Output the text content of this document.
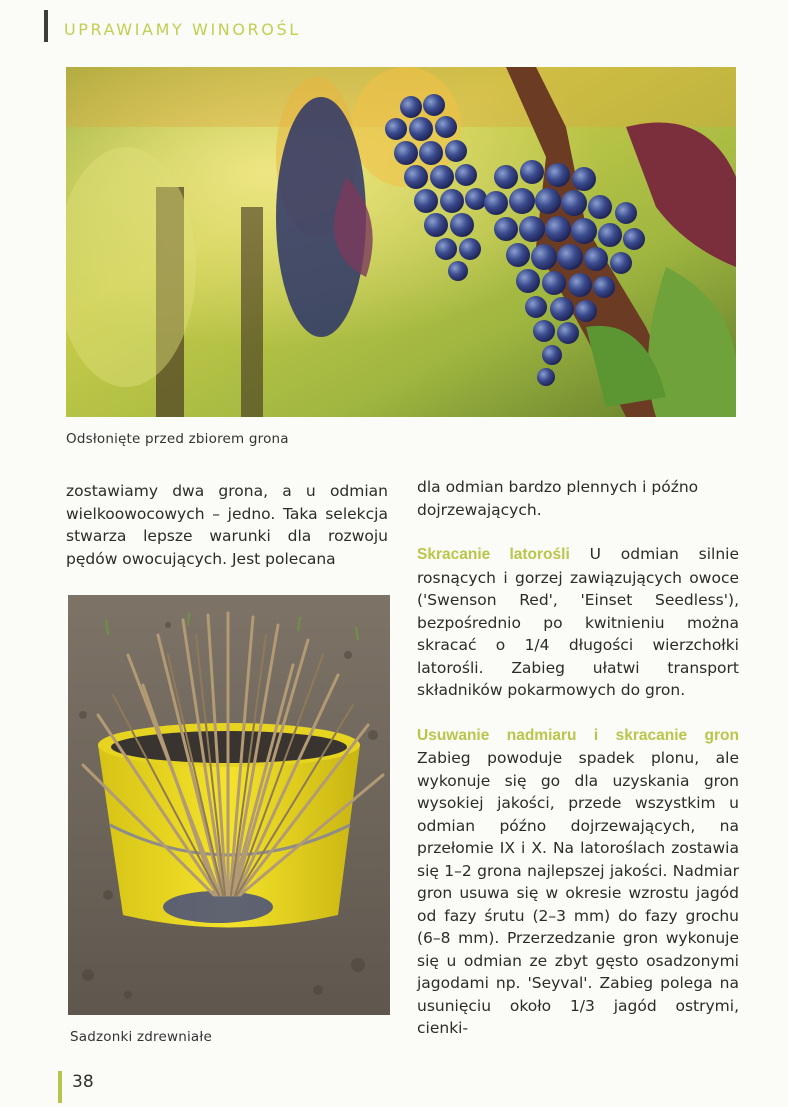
UPRAWIAMY WINOROŚL
Odsłonięte przed zbiorem grona

zostawiamy dwa grona, a u odmian wielkoowocowych – jedno. Taka selekcja stwarza lepsze warunki dla rozwoju pędów owocujących. Jest polecana

Sadzonki zdrewniałe

dla odmian bardzo plennych i późno dojrzewających.

Skracanie latorośli U odmian silnie rosnących i gorzej zawiązujących owoce ('Swenson Red', 'Einset Seedless'), bezpośrednio po kwitnieniu można skracać o 1/4 długości wierzchołki latorośli. Zabieg ułatwi transport składników pokarmowych do gron.

Usuwanie nadmiaru i skracanie gron Zabieg powoduje spadek plonu, ale wykonuje się go dla uzyskania gron wysokiej jakości, przede wszystkim u odmian późno dojrzewających, na przełomie IX i X. Na latoroślach zostawia się 1–2 grona najlepszej jakości. Nadmiar gron usuwa się w okresie wzrostu jagód od fazy śrutu (2–3 mm) do fazy grochu (6–8 mm). Przerzedzanie gron wykonuje się u odmian ze zbyt gęsto osadzonymi jagodami np. 'Seyval'. Zabieg polega na usunięciu około 1/3 jagód ostrymi, cienki-

38
